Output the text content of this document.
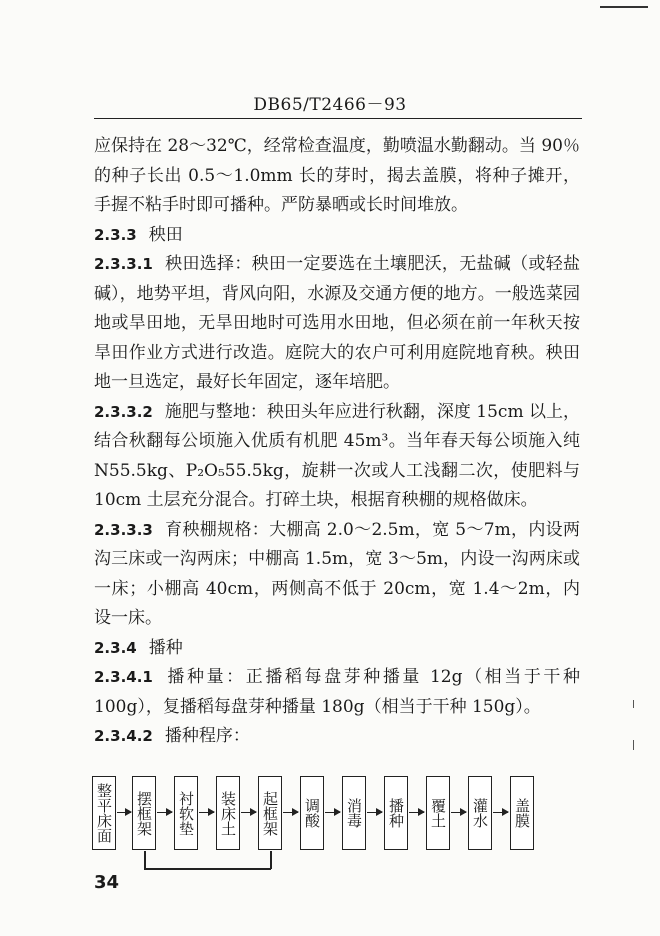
DB65/T2466－93

应保持在 28～32℃，经常检查温度，勤喷温水勤翻动。当 90％的种子长出 0.5～1.0mm 长的芽时，揭去盖膜，将种子摊开，手握不粘手时即可播种。严防暴晒或长时间堆放。

2.3.3 秧田

2.3.3.1 秧田选择：秧田一定要选在土壤肥沃，无盐碱（或轻盐碱），地势平坦，背风向阳，水源及交通方便的地方。一般选菜园地或旱田地，无旱田地时可选用水田地，但必须在前一年秋天按旱田作业方式进行改造。庭院大的农户可利用庭院地育秧。秧田地一旦选定，最好长年固定，逐年培肥。

2.3.3.2 施肥与整地：秧田头年应进行秋翻，深度 15cm 以上，结合秋翻每公顷施入优质有机肥 45m³。当年春天每公顷施入纯 N55.5kg、P₂O₅55.5kg，旋耕一次或人工浅翻二次，使肥料与 10cm 土层充分混合。打碎土块，根据育秧棚的规格做床。

2.3.3.3 育秧棚规格：大棚高 2.0～2.5m，宽 5～7m，内设两沟三床或一沟两床；中棚高 1.5m，宽 3～5m，内设一沟两床或一床；小棚高 40cm，两侧高不低于 20cm，宽 1.4～2m，内设一床。

2.3.4 播种

2.3.4.1 播种量：正播稻每盘芽种播量 12g（相当于干种 100g），复播稻每盘芽种播量 180g（相当于干种 150g）。

2.3.4.2 播种程序：

整平床面 摆框架 衬软垫 装床土 起框架 调酸 消毒 播种 覆土 灌水 盖膜
34
